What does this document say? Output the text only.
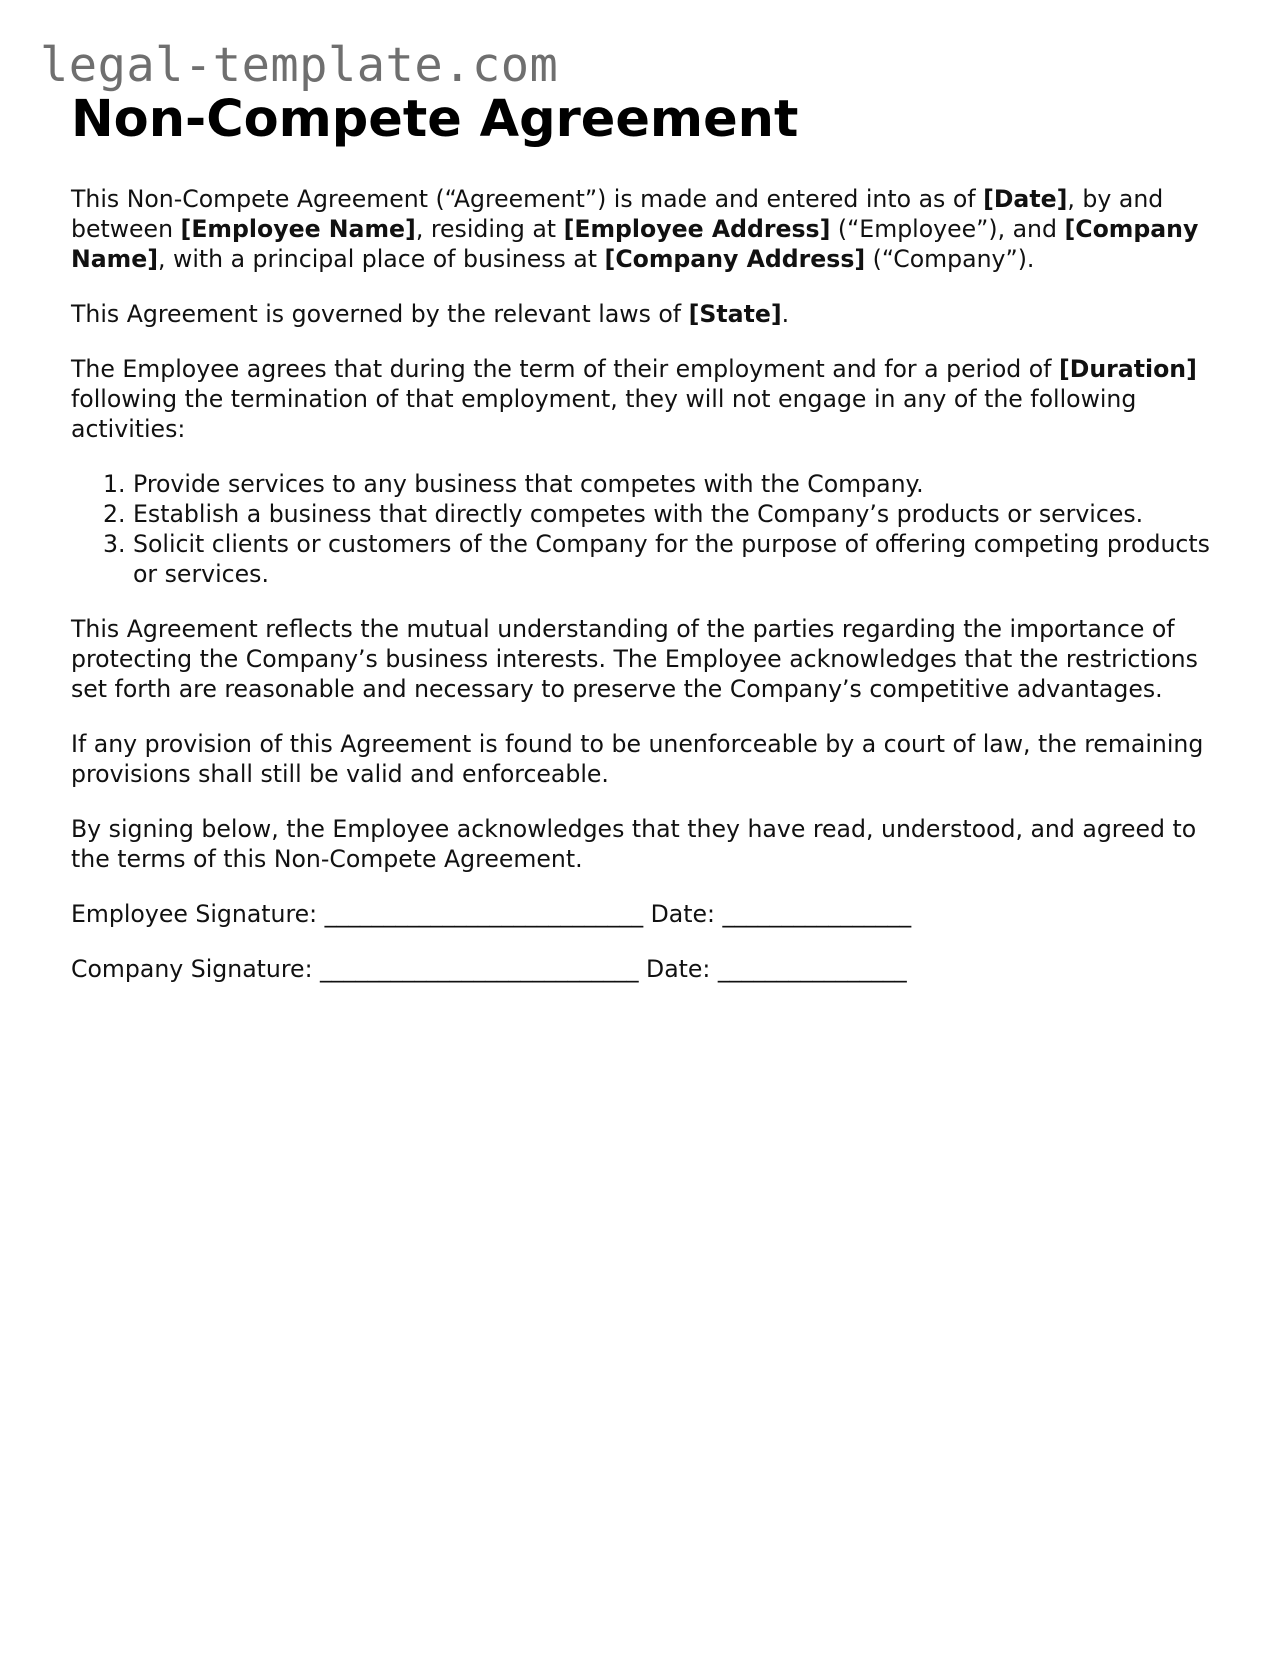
legal-template.com
Non-Compete Agreement

This Non-Compete Agreement (“Agreement”) is made and entered into as of [Date], by and between [Employee Name], residing at [Employee Address] (“Employee”), and [Company Name], with a principal place of business at [Company Address] (“Company”).

This Agreement is governed by the relevant laws of [State].

The Employee agrees that during the term of their employment and for a period of [Duration] following the termination of that employment, they will not engage in any of the following activities:

1. Provide services to any business that competes with the Company.
2. Establish a business that directly competes with the Company’s products or services.
3. Solicit clients or customers of the Company for the purpose of offering competing products or services.

This Agreement reflects the mutual understanding of the parties regarding the importance of protecting the Company’s business interests. The Employee acknowledges that the restrictions set forth are reasonable and necessary to preserve the Company’s competitive advantages.

If any provision of this Agreement is found to be unenforceable by a court of law, the remaining provisions shall still be valid and enforceable.

By signing below, the Employee acknowledges that they have read, understood, and agreed to the terms of this Non-Compete Agreement.

Employee Signature: ___________________________ Date: ________________

Company Signature: ___________________________ Date: ________________
